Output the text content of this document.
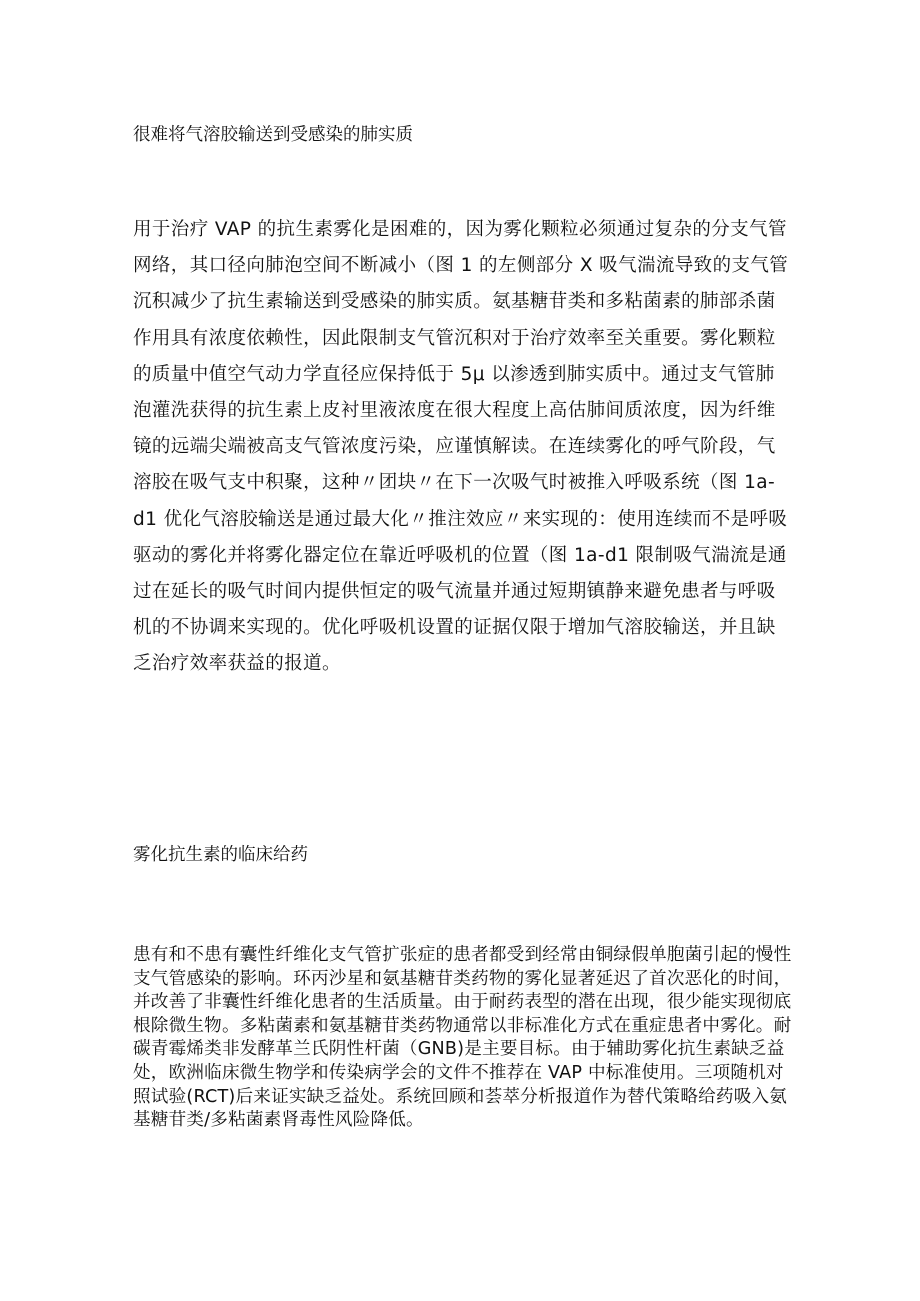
很难将气溶胶输送到受感染的肺实质

用于治疗 VAP 的抗生素雾化是困难的，因为雾化颗粒必须通过复杂的分支气管网络，其口径向肺泡空间不断减小（图 1 的左侧部分 X 吸气湍流导致的支气管沉积减少了抗生素输送到受感染的肺实质。氨基糖苷类和多粘菌素的肺部杀菌作用具有浓度依赖性，因此限制支气管沉积对于治疗效率至关重要。雾化颗粒的质量中值空气动力学直径应保持低于 5μ 以渗透到肺实质中。通过支气管肺泡灌洗获得的抗生素上皮衬里液浓度在很大程度上高估肺间质浓度，因为纤维镜的远端尖端被高支气管浓度污染，应谨慎解读。在连续雾化的呼气阶段，气溶胶在吸气支中积聚，这种〃团块〃在下一次吸气时被推入呼吸系统（图 1a-d1 优化气溶胶输送是通过最大化〃推注效应〃来实现的：使用连续而不是呼吸驱动的雾化并将雾化器定位在靠近呼吸机的位置（图 1a-d1 限制吸气湍流是通过在延长的吸气时间内提供恒定的吸气流量并通过短期镇静来避免患者与呼吸机的不协调来实现的。优化呼吸机设置的证据仅限于增加气溶胶输送，并且缺乏治疗效率获益的报道。

雾化抗生素的临床给药

患有和不患有囊性纤维化支气管扩张症的患者都受到经常由铜绿假单胞菌引起的慢性支气管感染的影响。环丙沙星和氨基糖苷类药物的雾化显著延迟了首次恶化的时间，并改善了非囊性纤维化患者的生活质量。由于耐药表型的潜在出现，很少能实现彻底根除微生物。多粘菌素和氨基糖苷类药物通常以非标准化方式在重症患者中雾化。耐碳青霉烯类非发酵革兰氏阴性杆菌（GNB)是主要目标。由于辅助雾化抗生素缺乏益处，欧洲临床微生物学和传染病学会的文件不推荐在 VAP 中标准使用。三项随机对照试验(RCT)后来证实缺乏益处。系统回顾和荟萃分析报道作为替代策略给药吸入氨基糖苷类/多粘菌素肾毒性风险降低。
